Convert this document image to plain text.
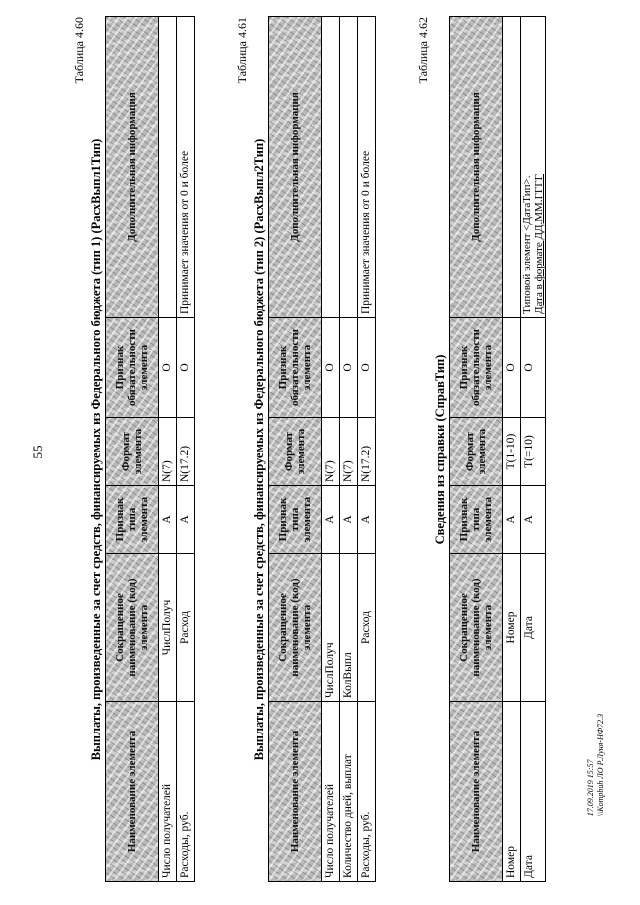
55
17.09.2019 15:57 \\Kompbuh ЛО Р.Луня-НФ72.3
Таблица 4.60
Выплаты, произведенные за счет средств, финансируемых из Федерального бюджета (тип 1) (РасхВыпл1Тип)
Наименование элемента	Сокращенное наименование (код) элемента	Признак типа элемента	Формат элемента	Признак обязательности элемента	Дополнительная информация
Число получателей	ЧислПолуч	А	N(7)	О	
Расходы, руб.	Расход	А	N(17.2)	О	Принимает значения от 0 и более
Таблица 4.61
Выплаты, произведенные за счет средств, финансируемых из Федерального бюджета (тип 2) (РасхВыпл2Тип)
Наименование элемента	Сокращенное наименование (код) элемента	Признак типа элемента	Формат элемента	Признак обязательности элемента	Дополнительная информация
Число получателей	ЧислПолуч	А	N(7)	О	
Количество дней, выплат	КолВыпл	А	N(7)	О	
Расходы, руб.	Расход	А	N(17.2)	О	Принимает значения от 0 и более
Таблица 4.62
Сведения из справки (СправТип)
Наименование элемента	Сокращенное наименование (код) элемента	Признак типа элемента	Формат элемента	Признак обязательности элемента	Дополнительная информация
Номер	Номер	А	T(1-10)	О	
Дата	Дата	А	T(=10)	О	Типовой элемент <ДатаТип>. Дата в формате ДД.ММ.ГГГГ
